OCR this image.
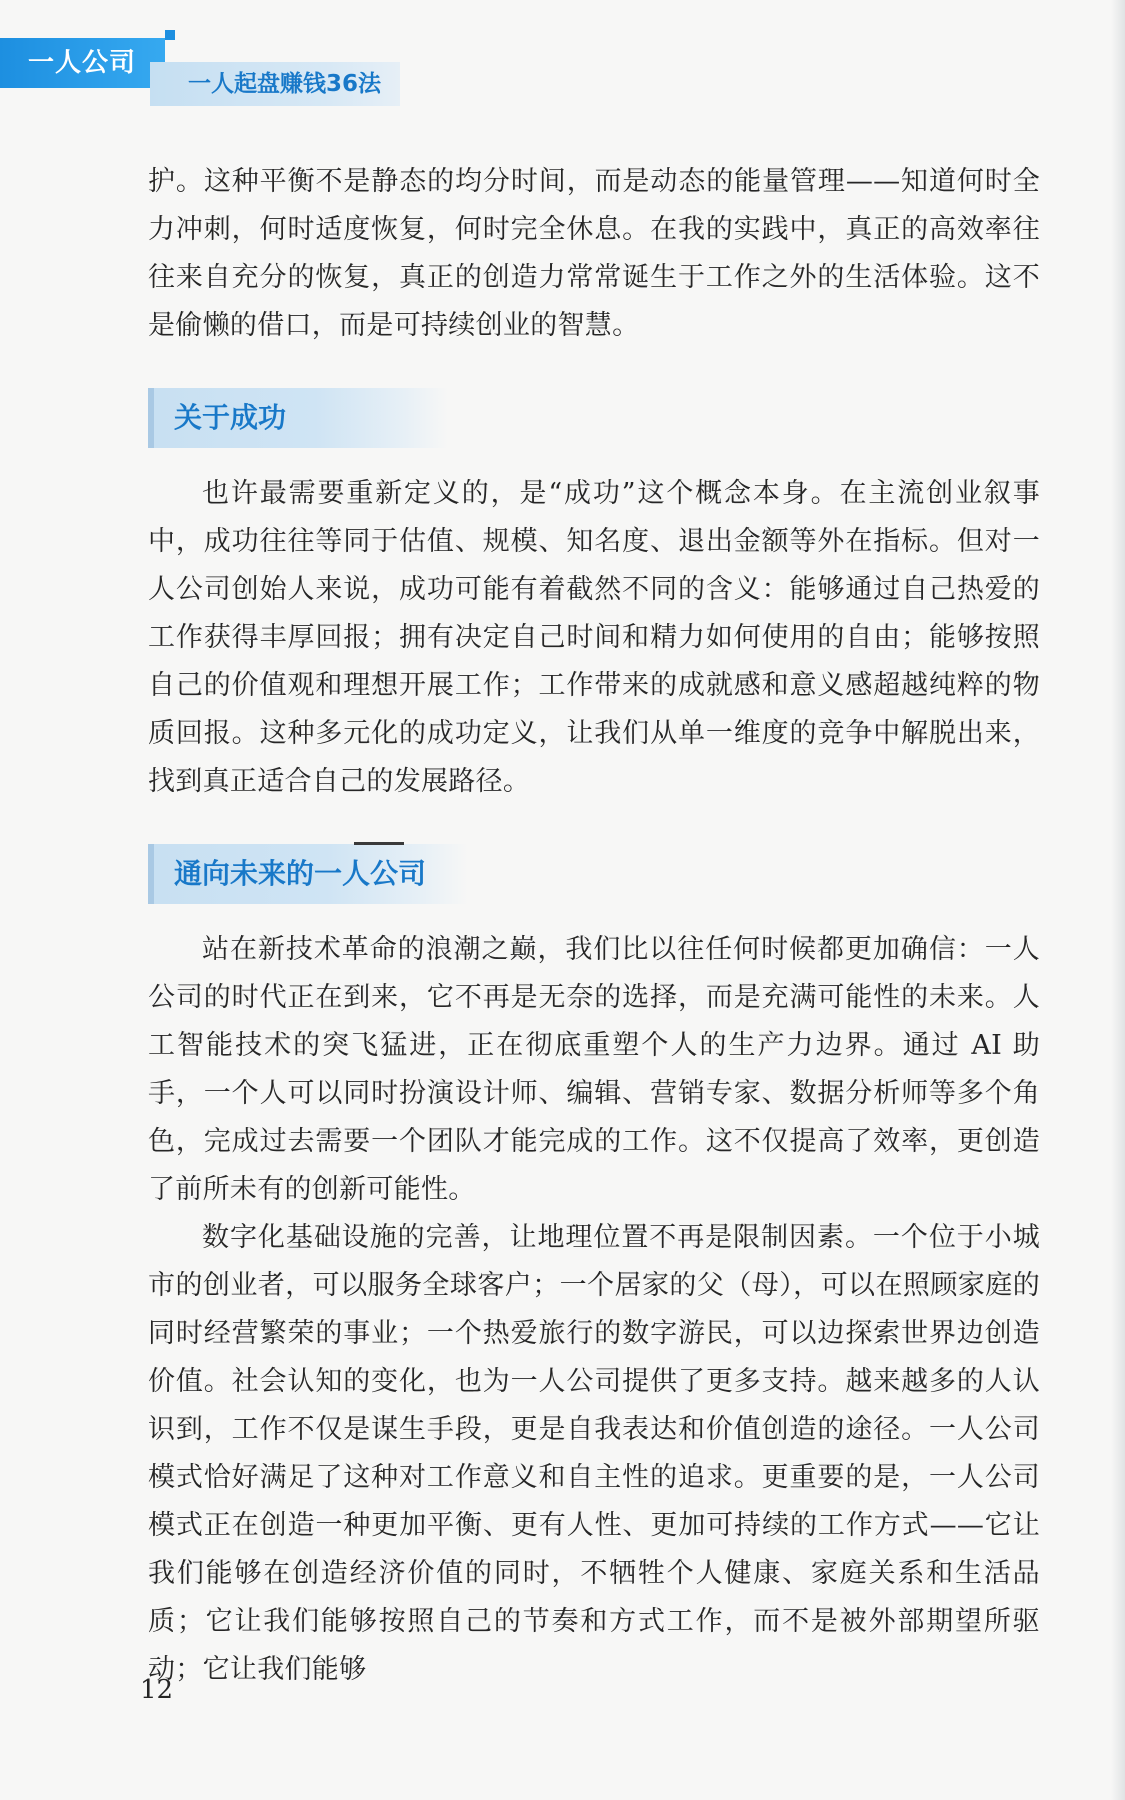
一人公司
一人起盘赚钱36法

护。这种平衡不是静态的均分时间，而是动态的能量管理——知道何时全力冲刺，何时适度恢复，何时完全休息。在我的实践中，真正的高效率往往来自充分的恢复，真正的创造力常常诞生于工作之外的生活体验。这不是偷懒的借口，而是可持续创业的智慧。

关于成功

也许最需要重新定义的，是“成功”这个概念本身。在主流创业叙事中，成功往往等同于估值、规模、知名度、退出金额等外在指标。但对一人公司创始人来说，成功可能有着截然不同的含义：能够通过自己热爱的工作获得丰厚回报；拥有决定自己时间和精力如何使用的自由；能够按照自己的价值观和理想开展工作；工作带来的成就感和意义感超越纯粹的物质回报。这种多元化的成功定义，让我们从单一维度的竞争中解脱出来，找到真正适合自己的发展路径。

通向未来的一人公司

站在新技术革命的浪潮之巅，我们比以往任何时候都更加确信：一人公司的时代正在到来，它不再是无奈的选择，而是充满可能性的未来。人工智能技术的突飞猛进，正在彻底重塑个人的生产力边界。通过 AI 助手，一个人可以同时扮演设计师、编辑、营销专家、数据分析师等多个角色，完成过去需要一个团队才能完成的工作。这不仅提高了效率，更创造了前所未有的创新可能性。

数字化基础设施的完善，让地理位置不再是限制因素。一个位于小城市的创业者，可以服务全球客户；一个居家的父（母），可以在照顾家庭的同时经营繁荣的事业；一个热爱旅行的数字游民，可以边探索世界边创造价值。社会认知的变化，也为一人公司提供了更多支持。越来越多的人认识到，工作不仅是谋生手段，更是自我表达和价值创造的途径。一人公司模式恰好满足了这种对工作意义和自主性的追求。更重要的是，一人公司模式正在创造一种更加平衡、更有人性、更加可持续的工作方式——它让我们能够在创造经济价值的同时，不牺牲个人健康、家庭关系和生活品质；它让我们能够按照自己的节奏和方式工作，而不是被外部期望所驱动；它让我们能够

12
